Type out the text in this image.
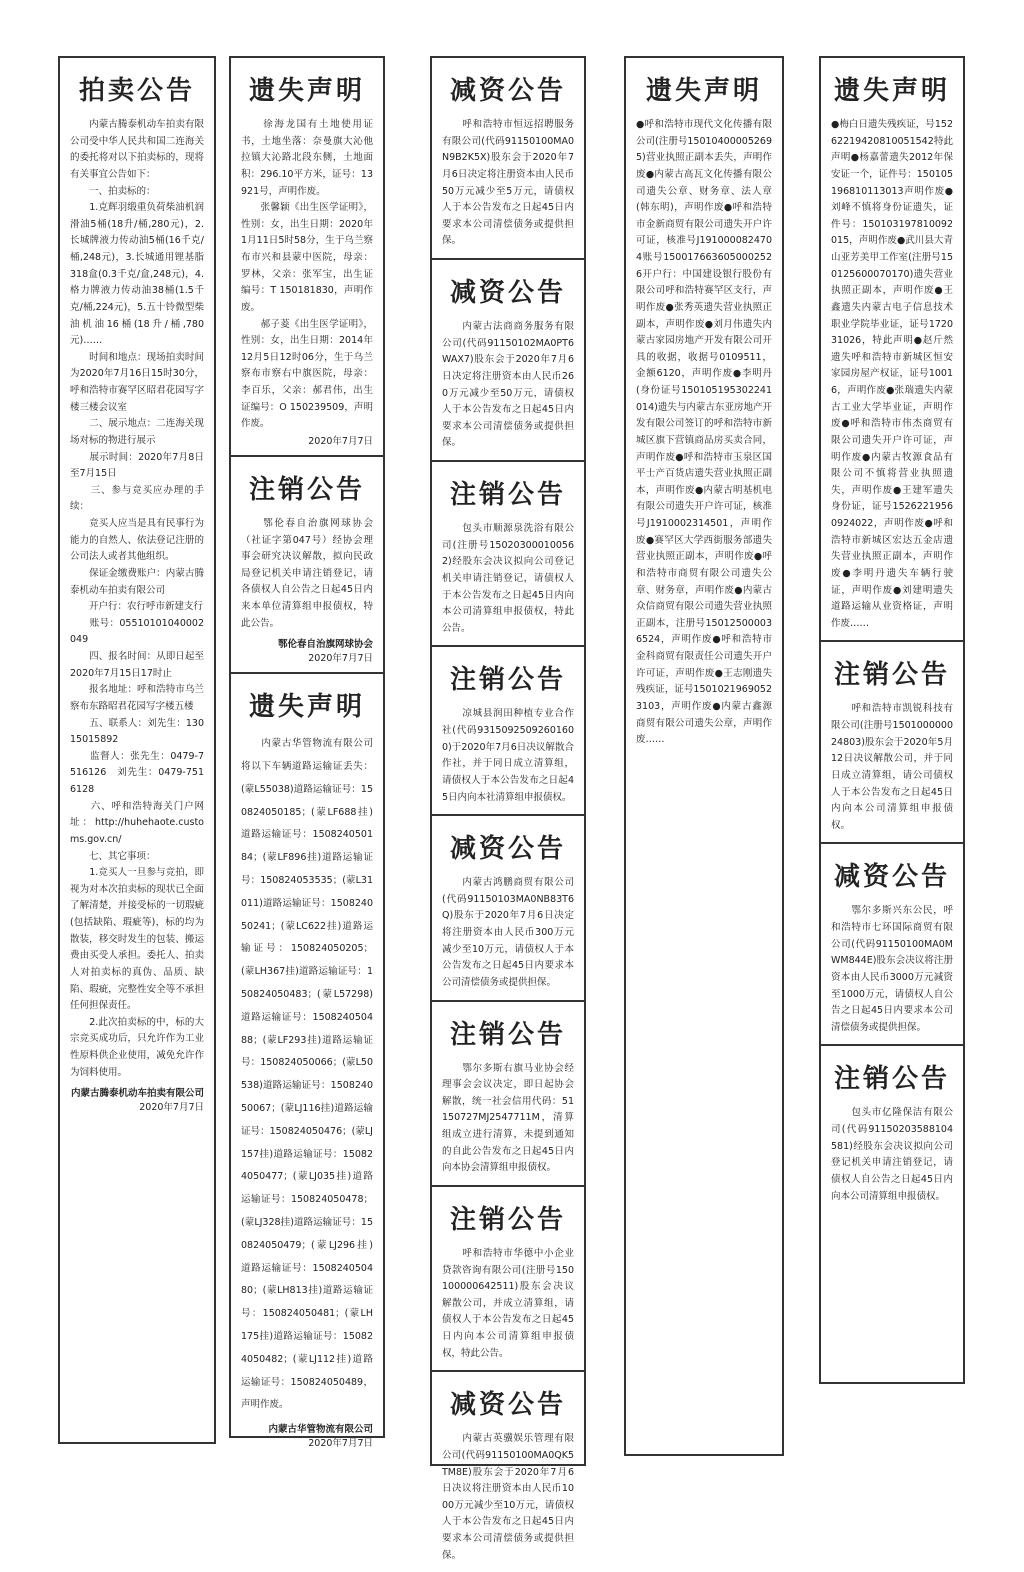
拍卖公告
　　内蒙古腾泰机动车拍卖有限公司受中华人民共和国二连海关的委托将对以下拍卖标的，现将有关事宜公告如下：
　　一、拍卖标的：
　　1.克辉羽缎重负荷柴油机润滑油5桶(18升/桶,280元)，2.长城牌液力传动油5桶(16千克/桶,248元)，3.长城通用锂基脂318盒(0.3千克/盒,248元)，4.格力牌液力传动油38桶(1.5千克/桶,224元)，5.五十铃微型柴油机油16桶(18升/桶,780元)……
　　时间和地点：现场拍卖时间为2020年7月16日15时30分，呼和浩特市赛罕区昭君花园写字楼三楼会议室
　　二、展示地点：二连海关现场对标的物进行展示
　　展示时间：2020年7月8日至7月15日
　　三、参与竞买应办理的手续：
　　竞买人应当是具有民事行为能力的自然人、依法登记注册的公司法人或者其他组织。
　　保证金缴费账户：内蒙古腾泰机动车拍卖有限公司
　　开户行：农行呼市新建支行
　　账号：05510101040002049
　　四、报名时间：从即日起至2020年7月15日17时止
　　报名地址：呼和浩特市乌兰察布东路昭君花园写字楼五楼
　　五、联系人：刘先生：13015015892
　　监督人：张先生：0479-7516126　刘先生：0479-7516128
　　六、呼和浩特海关门户网址：http://huhehaote.customs.gov.cn/
　　七、其它事项：
　　1.竞买人一旦参与竞拍，即视为对本次拍卖标的现状已全面了解清楚，并接受标的一切瑕疵(包括缺陷、瑕疵等)，标的均为散装，移交时发生的包装、搬运费由买受人承担。委托人、拍卖人对拍卖标的真伪、品质、缺陷、瑕疵，完整性安全等不承担任何担保责任。
　　2.此次拍卖标的中，标的大宗竞买成功后，只允许作为工业性原料供企业使用，减免允许作为饲料使用。
内蒙古腾泰机动车拍卖有限公司
2020年7月7日
遗失声明
　　徐海龙国有土地使用证书，土地坐落：奈曼旗大沁他拉镇大沁路北段东侧，土地面积：296.10平方米，证号：13921号，声明作废。
　　张馨颖《出生医学证明》，性别：女，出生日期：2020年1月11日5时58分，生于乌兰察布市兴和县蒙中医院，母亲：罗林，父亲：张军宝，出生证编号：T 150181830，声明作废。
　　郝子菱《出生医学证明》，性别：女，出生日期：2014年12月5日12时06分，生于乌兰察布市察右中旗医院，母亲：李百乐，父亲：郝君伟，出生证编号：O 150239509，声明作废。
2020年7月7日
注销公告
　　鄂伦春自治旗网球协会（社证字第047号）经协会理事会研究决议解散，拟向民政局登记机关申请注销登记，请各债权人自公告之日起45日内来本单位清算组申报债权，特此公告。
鄂伦春自治旗网球协会
2020年7月7日
遗失声明
　　内蒙古华管物流有限公司将以下车辆道路运输证丢失：(蒙L55038)道路运输证号：150824050185；(蒙LF688挂)道路运输证号：150824050184；(蒙LF896挂)道路运输证号：150824053535；(蒙L31011)道路运输证号：150824050241；(蒙LC622挂)道路运输证号：150824050205；(蒙LH367挂)道路运输证号：150824050483；(蒙L57298)道路运输证号：150824050488；(蒙LF293挂)道路运输证号：150824050066；(蒙L50538)道路运输证号：150824050067；(蒙LJ116挂)道路运输证号：150824050476；(蒙LJ157挂)道路运输证号：150824050477；(蒙LJ035挂)道路运输证号：150824050478；(蒙LJ328挂)道路运输证号：150824050479；(蒙LJ296挂)道路运输证号：150824050480；(蒙LH813挂)道路运输证号：150824050481；(蒙LH175挂)道路运输证号：150824050482；(蒙LJ112挂)道路运输证号：150824050489，声明作废。
内蒙古华管物流有限公司
2020年7月7日
减资公告
　　呼和浩特市恒远招聘服务有限公司(代码91150100MA0N9B2K5X)股东会于2020年7月6日决定将注册资本由人民币50万元减少至5万元，请债权人于本公告发布之日起45日内要求本公司清偿债务或提供担保。
减资公告
　　内蒙古法商商务服务有限公司(代码91150102MA0PT6WAX7)股东会于2020年7月6日决定将注册资本由人民币260万元减少至50万元，请债权人于本公告发布之日起45日内要求本公司清偿债务或提供担保。
注销公告
　　包头市顺源泉洗浴有限公司(注册号150203000100562)经股东会决议拟向公司登记机关申请注销登记，请债权人于本公告发布之日起45日内向本公司清算组申报债权，特此公告。
注销公告
　　凉城县润田种植专业合作社(代码93150925092601600)于2020年7月6日决议解散合作社，并于同日成立清算组，请债权人于本公告发布之日起45日内向本社清算组申报债权。
减资公告
　　内蒙古鸿鹏商贸有限公司(代码91150103MA0NB83T6Q)股东于2020年7月6日决定将注册资本由人民币300万元减少至10万元，请债权人于本公告发布之日起45日内要求本公司清偿债务或提供担保。
注销公告
　　鄂尔多斯右旗马业协会经理事会会议决定，即日起协会解散，统一社会信用代码：51150727MJ2547711M，清算组成立进行清算，未提到通知的自此公告发布之日起45日内向本协会清算组申报债权。
注销公告
　　呼和浩特市华德中小企业贷款咨询有限公司(注册号150100000642511)股东会决议解散公司，并成立清算组，请债权人于本公告发布之日起45日内向本公司清算组申报债权，特此公告。
减资公告
　　内蒙古英骥娱乐管理有限公司(代码91150100MA0QK5TM8E)股东会于2020年7月6日决议将注册资本由人民币1000万元减少至10万元，请债权人于本公告发布之日起45日内要求本公司清偿债务或提供担保。
遗失声明
●呼和浩特市现代文化传播有限公司(注册号150104000052695)营业执照正副本丢失，声明作废●内蒙古高瓦文化传播有限公司遗失公章、财务章、法人章(韩东明)，声明作废●呼和浩特市金新商贸有限公司遗失开户许可证，核准号J1910000824704账号1500176636050002526开户行：中国建设银行股份有限公司呼和浩特赛罕区支行，声明作废●张秀英遗失营业执照正副本，声明作废●刘月伟遗失内蒙古家园房地产开发有限公司开具的收据，收据号0109511，金额6120，声明作废●李明丹(身份证号150105195302241014)遗失与内蒙古东亚房地产开发有限公司签订的呼和浩特市新城区旗下营镇商品房买卖合同，声明作废●呼和浩特市玉泉区国平士产百货店遗失营业执照正副本，声明作废●内蒙古明基机电有限公司遗失开户许可证，核准号J1910002314501，声明作废●赛罕区大学西街服务部遗失营业执照正副本，声明作废●呼和浩特市商贸有限公司遗失公章、财务章，声明作废●内蒙古众信商贸有限公司遗失营业执照正副本，注册号150125000036524，声明作废●呼和浩特市金科商贸有限责任公司遗失开户许可证，声明作废●王志刚遗失残疾证，证号15010219690523103，声明作废●内蒙古鑫源商贸有限公司遗失公章，声明作废……
遗失声明
●梅白日遗失残疾证，号15262219420810051542特此声明●杨嘉蕾遗失2012年保安证一个，证件号：150105196810113013声明作废●刘峰不慎将身份证遗失，证件号：150103197810092015，声明作废●武川县大青山亚芳美甲工作室(注册号150125600070170)遗失营业执照正副本，声明作废●王鑫遗失内蒙古电子信息技术职业学院毕业证，证号172031026，特此声明●赵斤然遗失呼和浩特市新城区恒安家园房屋产权证，证号10016，声明作废●张瑞遗失内蒙古工业大学毕业证，声明作废●呼和浩特市伟杰商贸有限公司遗失开户许可证，声明作废●内蒙古牧源食品有限公司不慎将营业执照遗失，声明作废●王建军遗失身份证，证号15262219560924022，声明作废●呼和浩特市新城区宏达五金店遗失营业执照正副本，声明作废●李明丹遗失车辆行驶证，声明作废●刘建明遗失道路运输从业资格证，声明作废……
注销公告
　　呼和浩特市凯锐科技有限公司(注册号150100000024803)股东会于2020年5月12日决议解散公司，并于同日成立清算组，请公司债权人于本公告发布之日起45日内向本公司清算组申报债权。
减资公告
　　鄂尔多斯兴东公民，呼和浩特市七环国际商贸有限公司(代码91150100MA0MWM844E)股东会决议将注册资本由人民币3000万元减资至1000万元，请债权人自公告之日起45日内要求本公司清偿债务或提供担保。
注销公告
　　包头市亿隆保洁有限公司(代码91150203588104581)经股东会决议拟向公司登记机关申请注销登记，请债权人自公告之日起45日内向本公司清算组申报债权。
